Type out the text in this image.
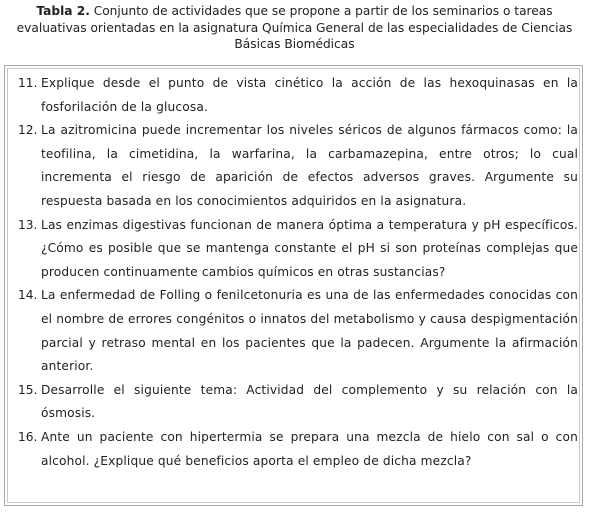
Tabla 2. Conjunto de actividades que se propone a partir de los seminarios o tareas evaluativas orientadas en la asignatura Química General de las especialidades de Ciencias Básicas Biomédicas
11. Explique desde el punto de vista cinético la acción de las hexoquinasas en la fosforilación de la glucosa.
12. La azitromicina puede incrementar los niveles séricos de algunos fármacos como: la teofilina, la cimetidina, la warfarina, la carbamazepina, entre otros; lo cual incrementa el riesgo de aparición de efectos adversos graves. Argumente su respuesta basada en los conocimientos adquiridos en la asignatura.
13. Las enzimas digestivas funcionan de manera óptima a temperatura y pH específicos. ¿Cómo es posible que se mantenga constante el pH si son proteínas complejas que producen continuamente cambios químicos en otras sustancias?
14. La enfermedad de Folling o fenilcetonuria es una de las enfermedades conocidas con el nombre de errores congénitos o innatos del metabolismo y causa despigmentación parcial y retraso mental en los pacientes que la padecen. Argumente la afirmación anterior.
15. Desarrolle el siguiente tema: Actividad del complemento y su relación con la ósmosis.
16. Ante un paciente con hipertermia se prepara una mezcla de hielo con sal o con alcohol. ¿Explique qué beneficios aporta el empleo de dicha mezcla?
